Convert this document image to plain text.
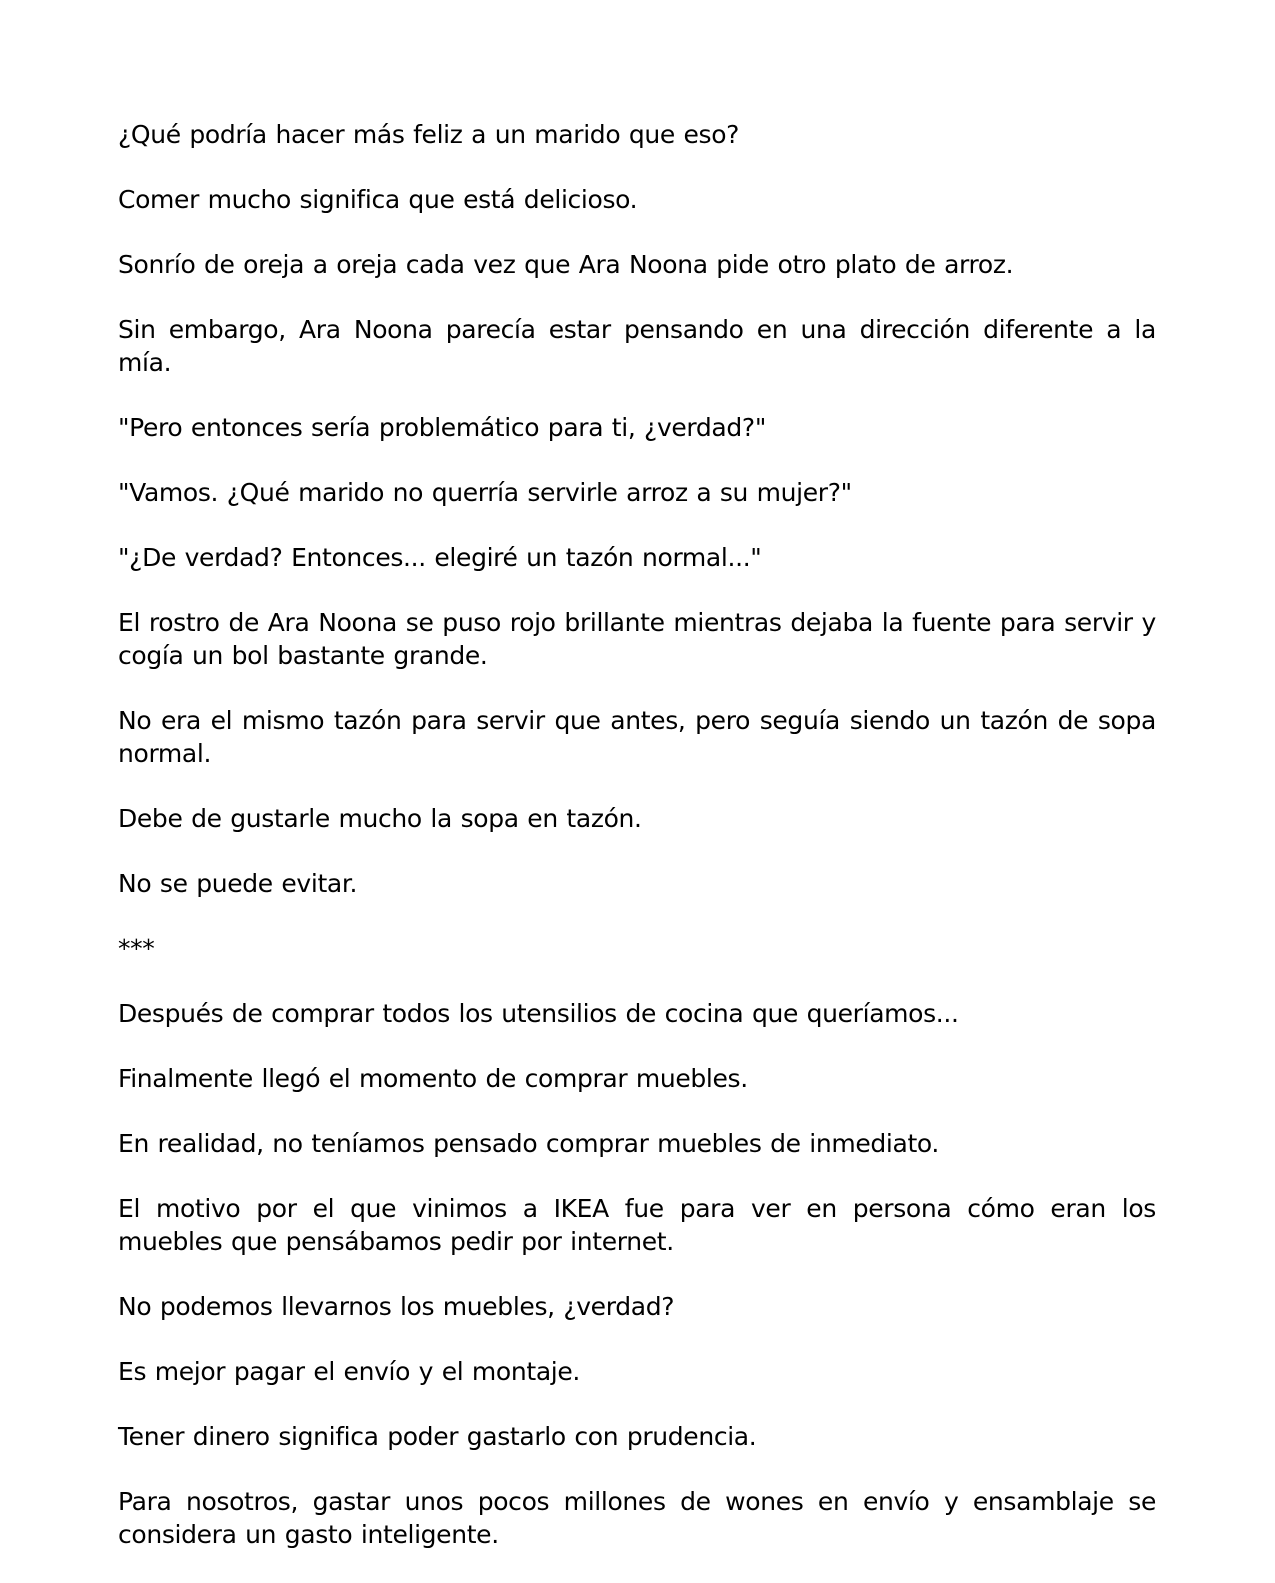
¿Qué podría hacer más feliz a un marido que eso?

Comer mucho significa que está delicioso.

Sonrío de oreja a oreja cada vez que Ara Noona pide otro plato de arroz.

Sin embargo, Ara Noona parecía estar pensando en una dirección diferente a la mía.

"Pero entonces sería problemático para ti, ¿verdad?"

"Vamos. ¿Qué marido no querría servirle arroz a su mujer?"

"¿De verdad? Entonces... elegiré un tazón normal..."

El rostro de Ara Noona se puso rojo brillante mientras dejaba la fuente para servir y cogía un bol bastante grande.

No era el mismo tazón para servir que antes, pero seguía siendo un tazón de sopa normal.

Debe de gustarle mucho la sopa en tazón.

No se puede evitar.

***

Después de comprar todos los utensilios de cocina que queríamos...

Finalmente llegó el momento de comprar muebles.

En realidad, no teníamos pensado comprar muebles de inmediato.

El motivo por el que vinimos a IKEA fue para ver en persona cómo eran los muebles que pensábamos pedir por internet.

No podemos llevarnos los muebles, ¿verdad?

Es mejor pagar el envío y el montaje.

Tener dinero significa poder gastarlo con prudencia.

Para nosotros, gastar unos pocos millones de wones en envío y ensamblaje se considera un gasto inteligente.
